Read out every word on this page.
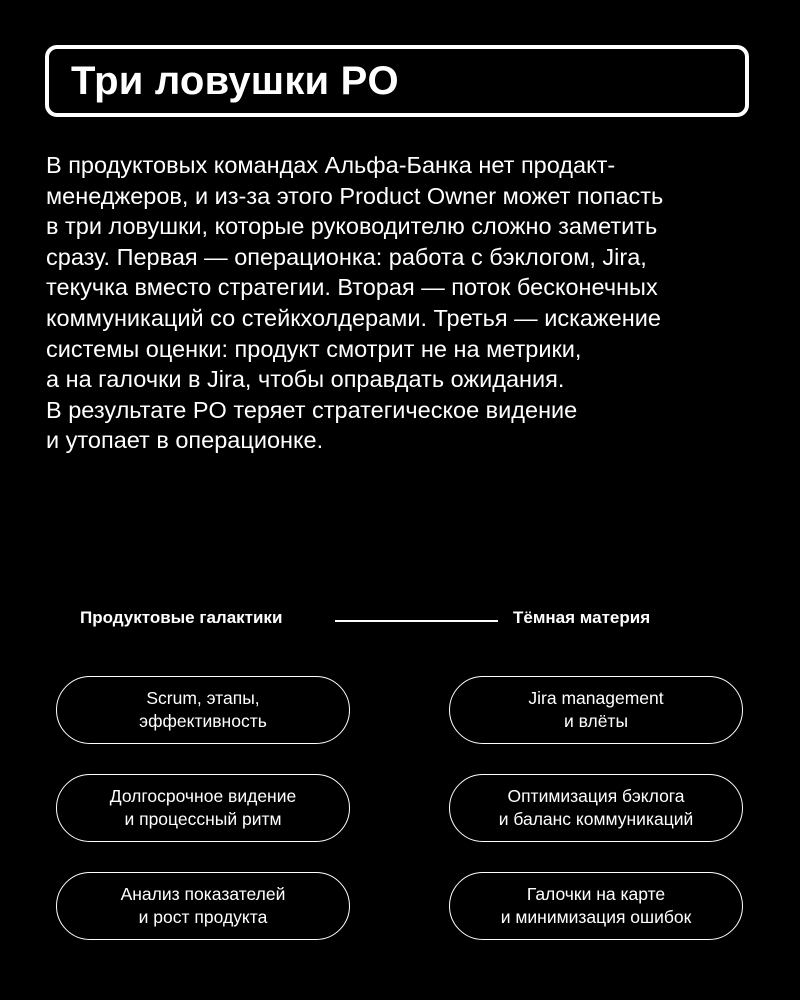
Три ловушки PO

В продуктовых командах Альфа-Банка нет продакт-
менеджеров, и из-за этого Product Owner может попасть
в три ловушки, которые руководителю сложно заметить
сразу. Первая — операционка: работа с бэклогом, Jira,
текучка вместо стратегии. Вторая — поток бесконечных
коммуникаций со стейкхолдерами. Третья — искажение
системы оценки: продукт смотрит не на метрики,
а на галочки в Jira, чтобы оправдать ожидания.
В результате PO теряет стратегическое видение
и утопает в операционке.

Продуктовые галактики	Тёмная материя
Scrum, этапы,
эффективность
Долгосрочное видение
и процессный ритм
Анализ показателей
и рост продукта
Jira management
и влёты
Оптимизация бэклога
и баланс коммуникаций
Галочки на карте
и минимизация ошибок
